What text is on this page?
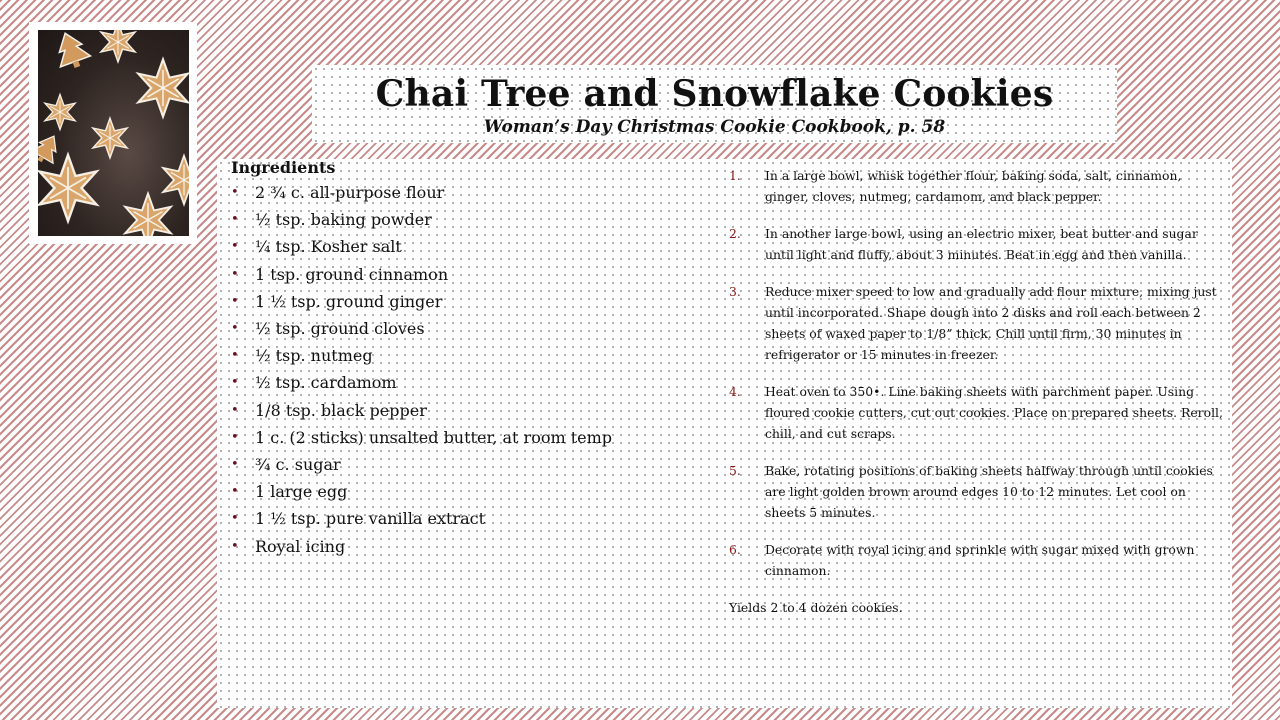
Chai Tree and Snowflake Cookies

Woman’s Day Christmas Cookie Cookbook, p. 58

Ingredients
• 2 ¾ c. all-purpose flour
• ½ tsp. baking powder
• ¼ tsp. Kosher salt
• 1 tsp. ground cinnamon
• 1 ½ tsp. ground ginger
• ½ tsp. ground cloves
• ½ tsp. nutmeg
• ½ tsp. cardamom
• 1/8 tsp. black pepper
• 1 c. (2 sticks) unsalted butter, at room temp
• ¾ c. sugar
• 1 large egg
• 1 ½ tsp. pure vanilla extract
• Royal icing
1. In a large bowl, whisk together flour, baking soda, salt, cinnamon, ginger, cloves, nutmeg, cardamom, and black pepper.
2. In another large bowl, using an electric mixer, beat butter and sugar until light and fluffy, about 3 minutes. Beat in egg and then vanilla.
3. Reduce mixer speed to low and gradually add flour mixture, mixing just until incorporated. Shape dough into 2 disks and roll each between 2 sheets of waxed paper to 1/8” thick. Chill until firm, 30 minutes in refrigerator or 15 minutes in freezer.
4. Heat oven to 350•. Line baking sheets with parchment paper. Using floured cookie cutters, cut out cookies. Place on prepared sheets. Reroll, chill, and cut scraps.
5. Bake, rotating positions of baking sheets halfway through until cookies are light golden brown around edges 10 to 12 minutes. Let cool on sheets 5 minutes.
6. Decorate with royal icing and sprinkle with sugar mixed with grown cinnamon.

Yields 2 to 4 dozen cookies.
